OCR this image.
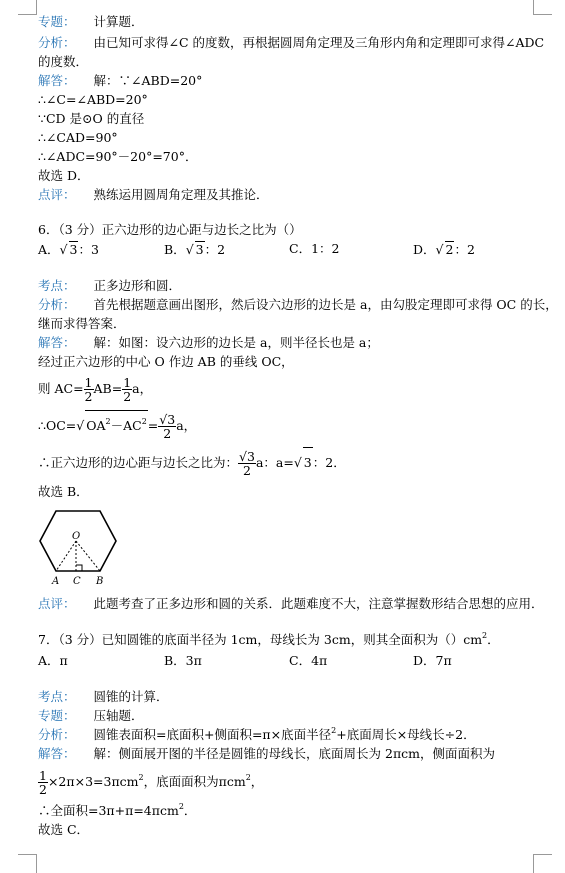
专题： 计算题．
分析： 由已知可求得∠C 的度数，再根据圆周角定理及三角形内角和定理即可求得∠ADC
的度数．
解答： 解：∵∠ABD=20°
∴∠C=∠ABD=20°
∵CD 是⊙O 的直径
∴∠CAD=90°
∴∠ADC=90°－20°=70°．
故选 D．
点评： 熟练运用圆周角定理及其推论．
6．（3 分）正六边形的边心距与边长之比为（）
A．√ 3：3	B．√ 3：2	C．1：2	D．√ 2：2
考点： 正多边形和圆．
分析： 首先根据题意画出图形，然后设六边形的边长是 a，由勾股定理即可求得 OC 的长，
继而求得答案．
解答： 解：如图：设六边形的边长是 a，则半径长也是 a；
经过正六边形的中心 O 作边 AB 的垂线 OC，
则 $AC= \frac{1}{2} AB= \frac{1}{2}$ a，
∴OC=√ $OA^2-AC^2= \frac{√3}{2}$ a，
∴正六边形的边心距与边长之比为： $\frac{√3}{2}$ a：a=√ 3：2．
故选 B．
O
A C B
点评： 此题考查了正多边形和圆的关系．此题难度不大，注意掌握数形结合思想的应用．
7．（3 分）已知圆锥的底面半径为 1cm，母线长为 3cm，则其全面积为$()cm^2$．
A．π	B．3π	C．4π	D．7π
考点： 圆锥的计算．
专题： 压轴题．
分析： 圆锥表面积=底面积+侧面积=π×底面半径$^2$+底面周长×母线长÷2．
解答： 解：侧面展开图的半径是圆锥的母线长，底面周长为 2πcm，侧面面积为
$\frac{1}{2} \times 2\pi\times 3=3\pi cm^2$，底面面积为πcm$^2$，
∴全面积=3π+π=4πcm$^2$．
故选 C．
